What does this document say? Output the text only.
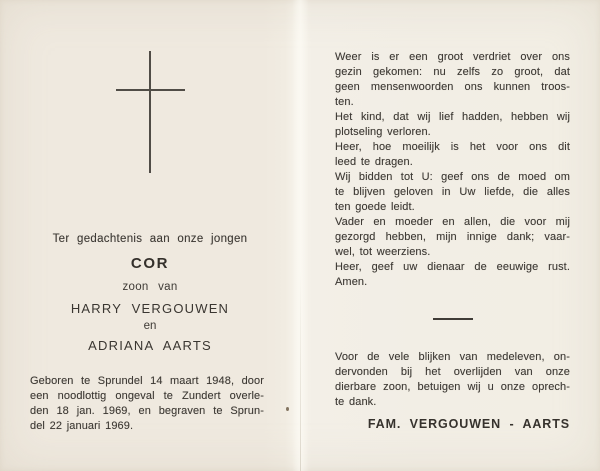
Ter gedachtenis aan onze jongen
COR
zoon van
HARRY VERGOUWEN
en
ADRIANA AARTS
Geboren te Sprundel 14 maart 1948, door
een noodlottig ongeval te Zundert overle-
den 18 jan. 1969, en begraven te Sprun-
del 22 januari 1969.
Weer is er een groot verdriet over ons
gezin gekomen: nu zelfs zo groot, dat
geen mensenwoorden ons kunnen troos-
ten.
Het kind, dat wij lief hadden, hebben wij
plotseling verloren.
Heer, hoe moeilijk is het voor ons dit
leed te dragen.
Wij bidden tot U: geef ons de moed om
te blijven geloven in Uw liefde, die alles
ten goede leidt.
Vader en moeder en allen, die voor mij
gezorgd hebben, mijn innige dank; vaar-
wel, tot weerziens.
Heer, geef uw dienaar de eeuwige rust.
Amen.
Voor de vele blijken van medeleven, on-
dervonden bij het overlijden van onze
dierbare zoon, betuigen wij u onze oprech-
te dank.
FAM. VERGOUWEN - AARTS
